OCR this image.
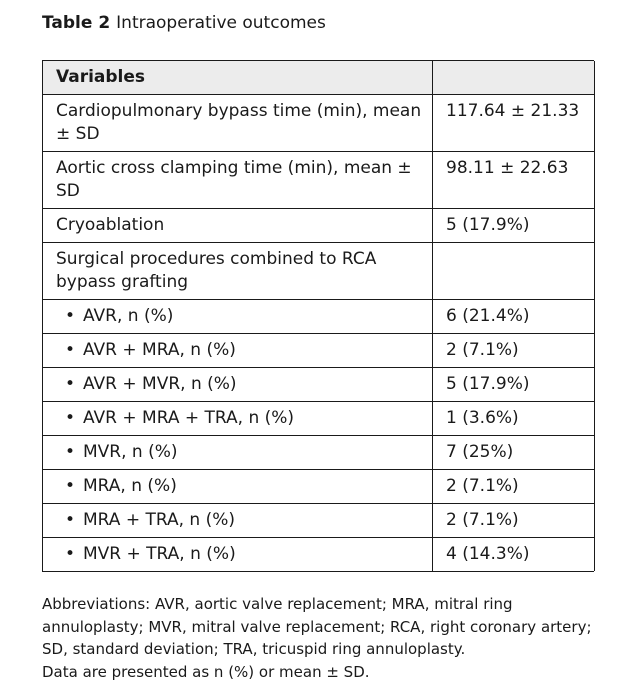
Table 2 Intraoperative outcomes
Variables	
Cardiopulmonary bypass time (min), mean ± SD	117.64 ± 21.33
Aortic cross clamping time (min), mean ± SD	98.11 ± 22.63
Cryoablation	5 (17.9%)
Surgical procedures combined to RCA bypass grafting	
• AVR, n (%)	6 (21.4%)
• AVR + MRA, n (%)	2 (7.1%)
• AVR + MVR, n (%)	5 (17.9%)
• AVR + MRA + TRA, n (%)	1 (3.6%)
• MVR, n (%)	7 (25%)
• MRA, n (%)	2 (7.1%)
• MRA + TRA, n (%)	2 (7.1%)
• MVR + TRA, n (%)	4 (14.3%)

Abbreviations: AVR, aortic valve replacement; MRA, mitral ring annuloplasty; MVR, mitral valve replacement; RCA, right coronary artery; SD, standard deviation; TRA, tricuspid ring annuloplasty.

Data are presented as n (%) or mean ± SD.
